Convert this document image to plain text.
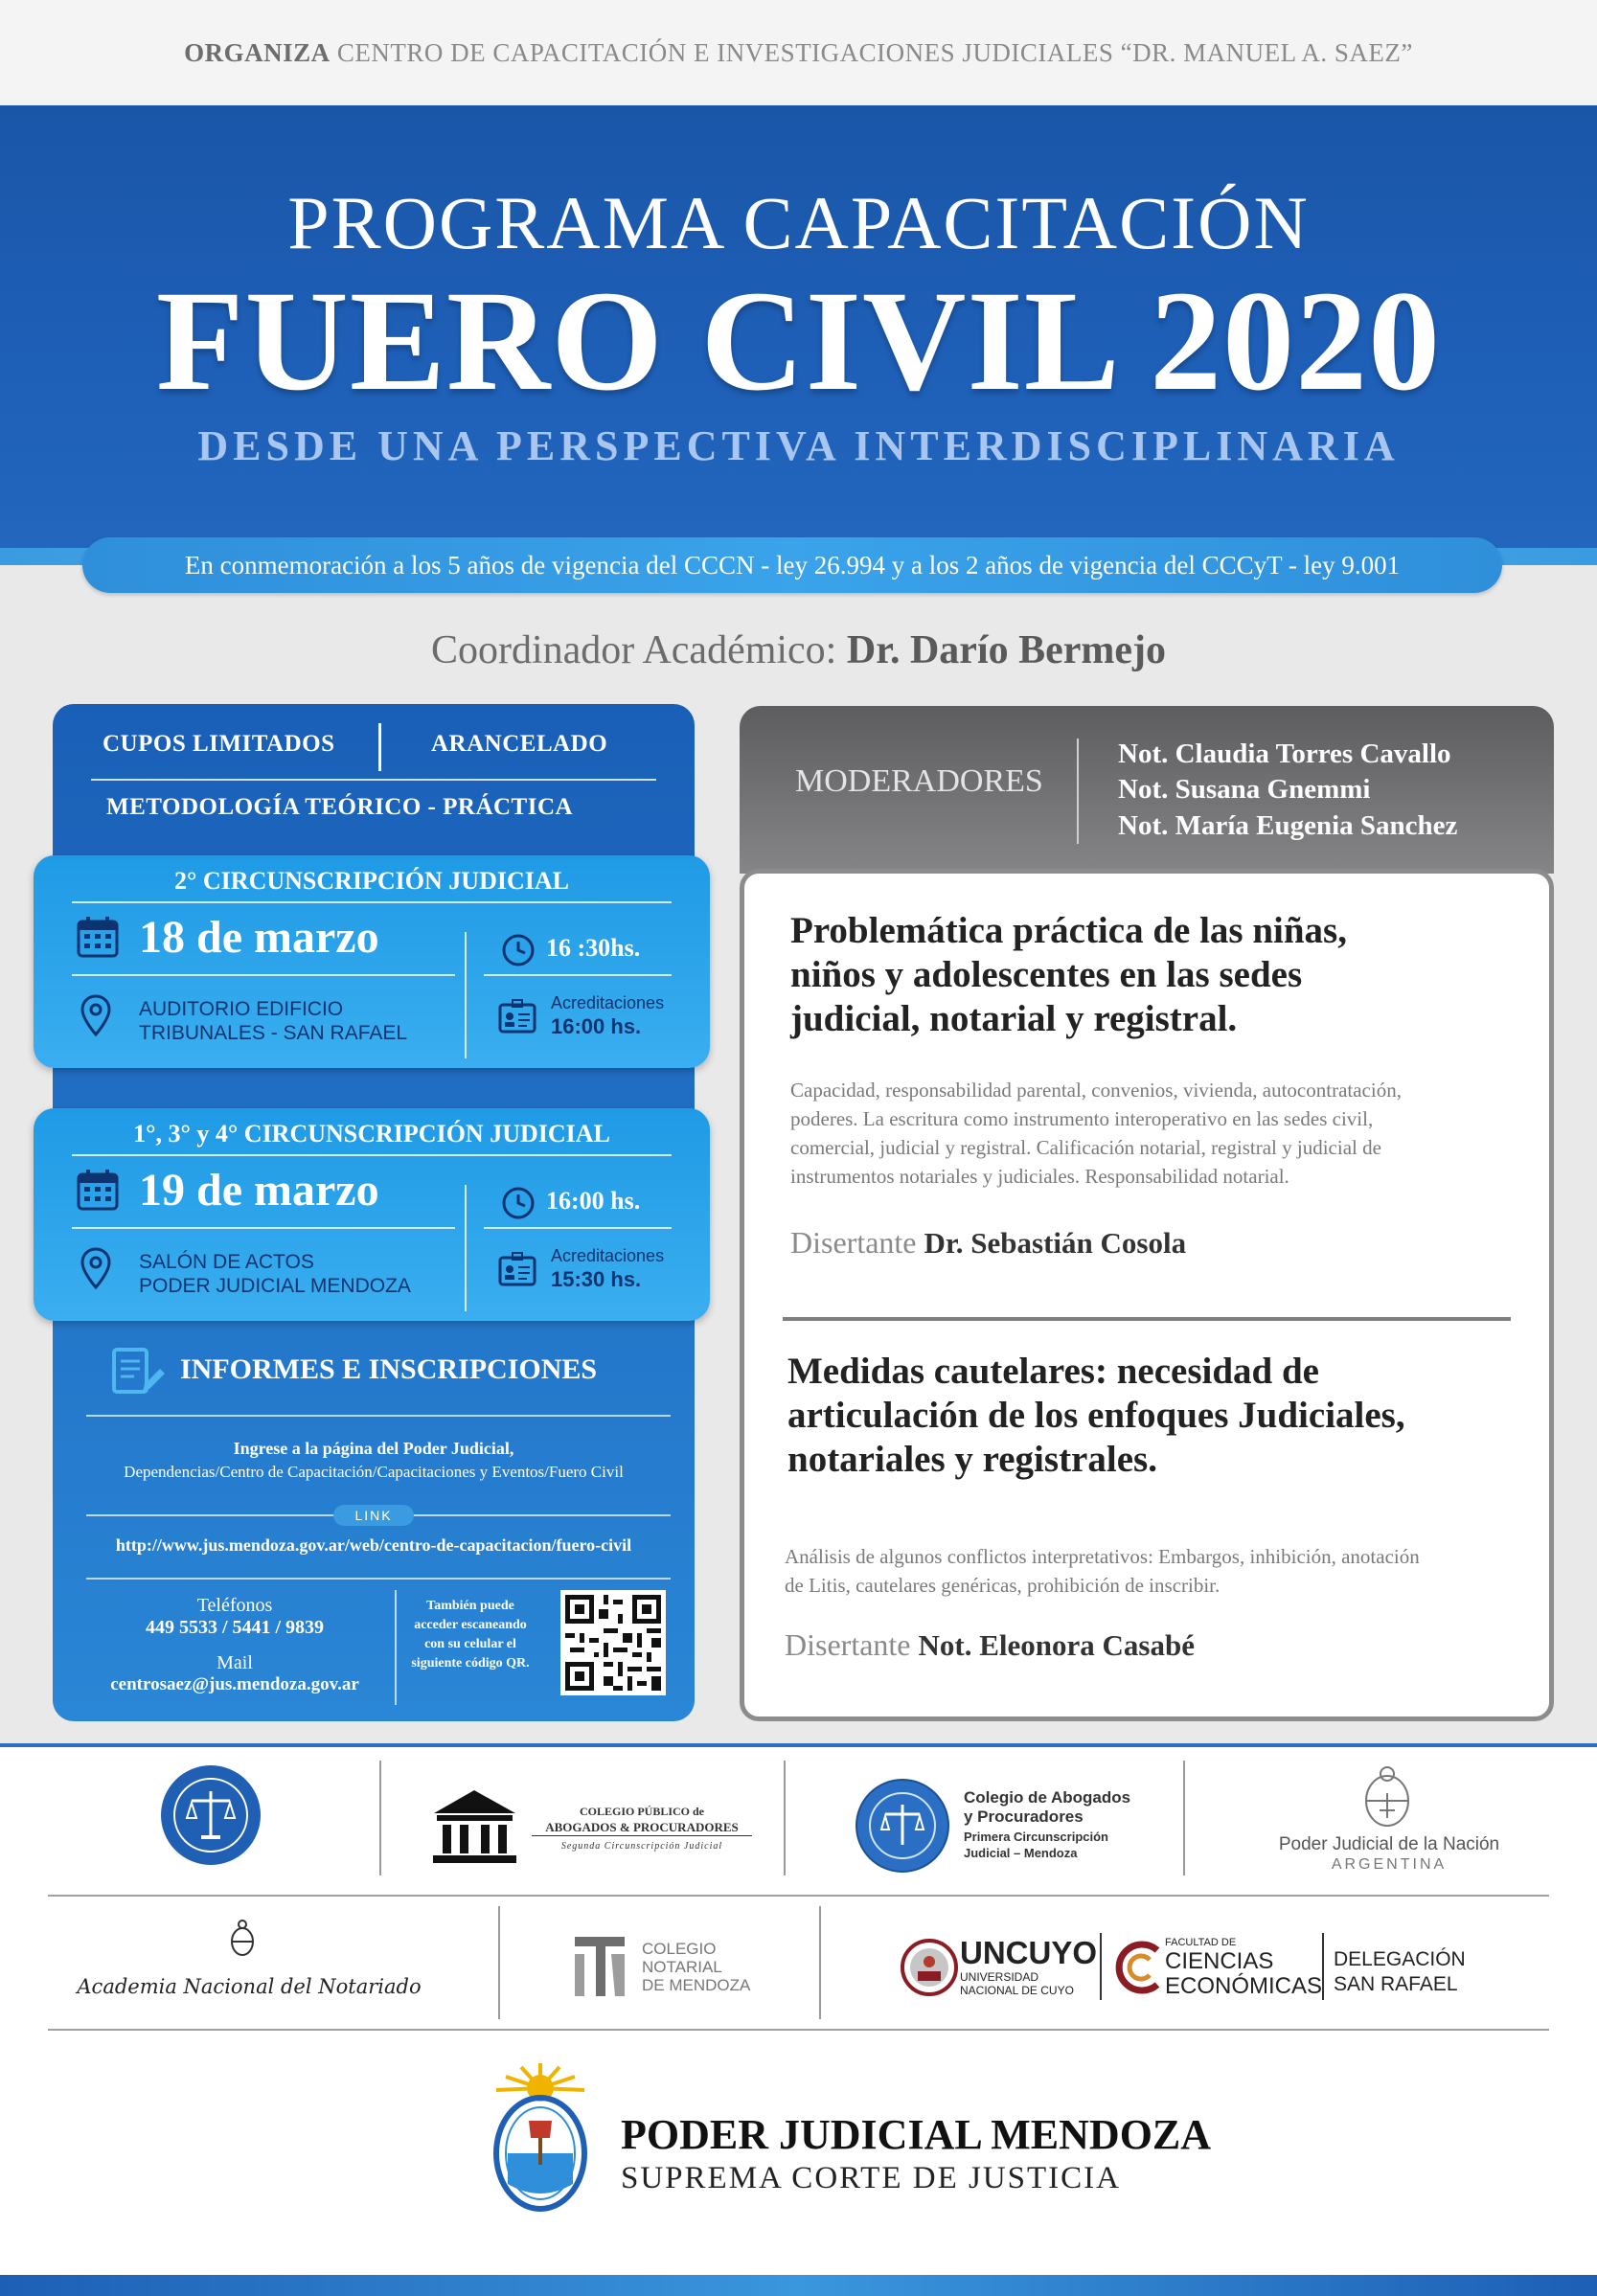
ORGANIZA CENTRO DE CAPACITACIÓN E INVESTIGACIONES JUDICIALES “DR. MANUEL A. SAEZ”
PROGRAMA CAPACITACIÓN
FUERO CIVIL 2020
DESDE UNA PERSPECTIVA INTERDISCIPLINARIA
En conmemoración a los 5 años de vigencia del CCCN - ley 26.994 y a los 2 años de vigencia del CCCyT - ley 9.001
Coordinador Académico: Dr. Darío Bermejo
CUPOS LIMITADOS	ARANCELADO
METODOLOGÍA TEÓRICO - PRÁCTICA
INFORMES E INSCRIPCIONES
Ingrese a la página del Poder Judicial,
Dependencias/Centro de Capacitación/Capacitaciones y Eventos/Fuero Civil
LINK
http://www.jus.mendoza.gov.ar/web/centro-de-capacitacion/fuero-civil
Teléfonos
449 5533 / 5441 / 9839
Mail
centrosaez@jus.mendoza.gov.ar
También puede
acceder escaneando
con su celular el
siguiente código QR.
2° CIRCUNSCRIPCIÓN JUDICIAL
18 de marzo	16 :30hs.
AUDITORIO EDIFICIO
TRIBUNALES - SAN RAFAEL
Acreditaciones
16:00 hs.
1°, 3° y 4° CIRCUNSCRIPCIÓN JUDICIAL
19 de marzo	16:00 hs.
SALÓN DE ACTOS
PODER JUDICIAL MENDOZA
Acreditaciones
15:30 hs.
MODERADORES
Not. Claudia Torres Cavallo
Not. Susana Gnemmi
Not. María Eugenia Sanchez
Problemática práctica de las niñas,
niños y adolescentes en las sedes
judicial, notarial y registral.
Capacidad, responsabilidad parental, convenios, vivienda, autocontratación,
poderes. La escritura como instrumento interoperativo en las sedes civil,
comercial, judicial y registral. Calificación notarial, registral y judicial de
instrumentos notariales y judiciales. Responsabilidad notarial.
Disertante Dr. Sebastián Cosola
Medidas cautelares: necesidad de
articulación de los enfoques Judiciales,
notariales y registrales.
Análisis de algunos conflictos interpretativos: Embargos, inhibición, anotación
de Litis, cautelares genéricas, prohibición de inscribir.
Disertante Not. Eleonora Casabé
COLEGIO PÚBLICO de
ABOGADOS & PROCURADORES
Segunda Circunscripción Judicial
Colegio de Abogados
y Procuradores
Primera Circunscripción
Judicial – Mendoza	Poder Judicial de la Nación
ARGENTINA
Academia Nacional del Notariado
COLEGIO
NOTARIAL
DE MENDOZA
UNCUYO
UNIVERSIDAD
NACIONAL DE CUYO
FACULTAD DE
CIENCIAS
ECONÓMICAS
DELEGACIÓN
SAN RAFAEL
PODER JUDICIAL MENDOZA
SUPREMA CORTE DE JUSTICIA
